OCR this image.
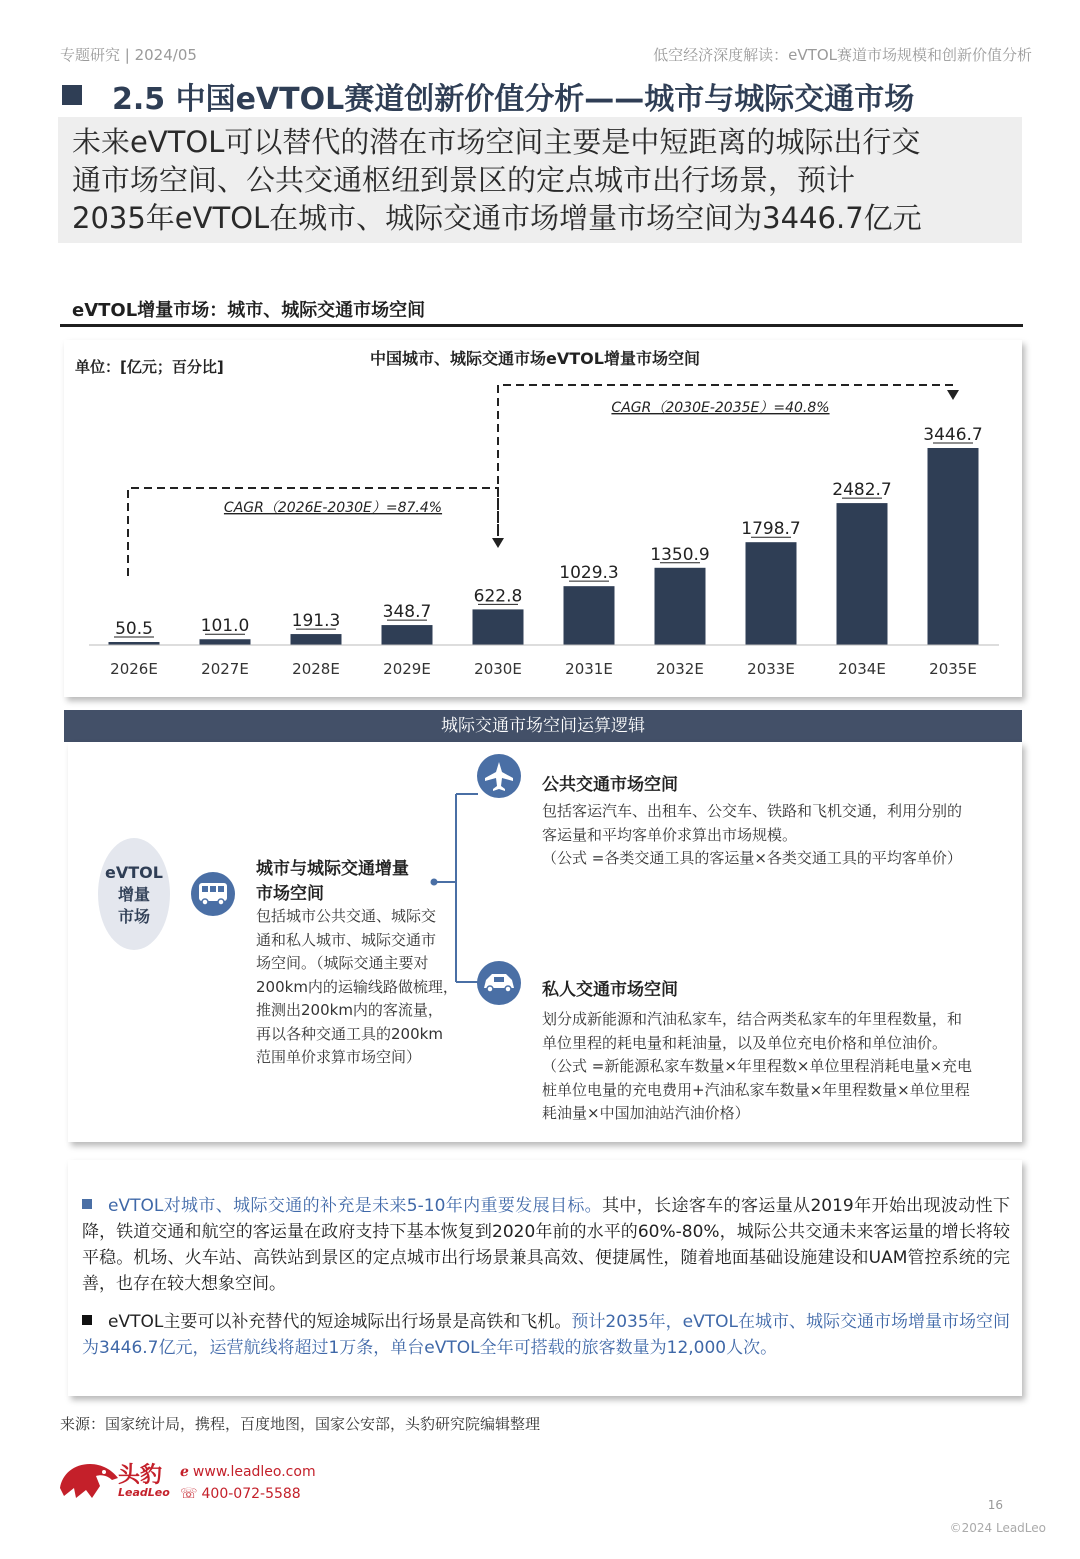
专题研究 | 2024/05	低空经济深度解读：eVTOL赛道市场规模和创新价值分析
2.5 中国eVTOL赛道创新价值分析——城市与城际交通市场
未来eVTOL可以替代的潜在市场空间主要是中短距离的城际出行交
通市场空间、公共交通枢纽到景区的定点城市出行场景，预计
2035年eVTOL在城市、城际交通市场增量市场空间为3446.7亿元
eVTOL增量市场：城市、城际交通市场空间
单位：[亿元；百分比]	中国城市、城际交通市场eVTOL增量市场空间
50.5
2026E
101.0
2027E
191.3
2028E
348.7
2029E
622.8
2030E
1029.3
2031E
1350.9
2032E
1798.7
2033E
2482.7
2034E
3446.7
2035E
CAGR（2026E-2030E）=87.4%
CAGR（2030E-2035E）=40.8%
城际交通市场空间运算逻辑
eVTOL
增量
市场
城市与城际交通增量
市场空间
包括城市公共交通、城际交
通和私人城市、城际交通市
场空间。（城际交通主要对
200km内的运输线路做梳理，
推测出200km内的客流量，
再以各种交通工具的200km
范围单价求算市场空间）
公共交通市场空间
包括客运汽车、出租车、公交车、铁路和飞机交通，利用分别的
客运量和平均客单价求算出市场规模。
（公式 =各类交通工具的客运量×各类交通工具的平均客单价）
私人交通市场空间
划分成新能源和汽油私家车，结合两类私家车的年里程数量，和
单位里程的耗电量和耗油量，以及单位充电价格和单位油价。
（公式 =新能源私家车数量×年里程数×单位里程消耗电量×充电
桩单位电量的充电费用+汽油私家车数量×年里程数量×单位里程
耗油量×中国加油站汽油价格）
eVTOL对城市、城际交通的补充是未来5-10年内重要发展目标。其中，长途客车的客运量从2019年开始出现波动性下降，铁道交通和航空的客运量在政府支持下基本恢复到2020年前的水平的60%-80%，城际公共交通未来客运量的增长将较平稳。机场、火车站、高铁站到景区的定点城市出行场景兼具高效、便捷属性，随着地面基础设施建设和UAM管控系统的完善，也存在较大想象空间。
eVTOL主要可以补充替代的短途城际出行场景是高铁和飞机。预计2035年，eVTOL在城市、城际交通市场增量市场空间为3446.7亿元，运营航线将超过1万条，单台eVTOL全年可搭载的旅客数量为12,000人次。
来源：国家统计局，携程，百度地图，国家公安部，头豹研究院编辑整理
头豹
LeadLeo
ℯ www.leadleo.com
☏ 400-072-5588
16
©2024 LeadLeo
